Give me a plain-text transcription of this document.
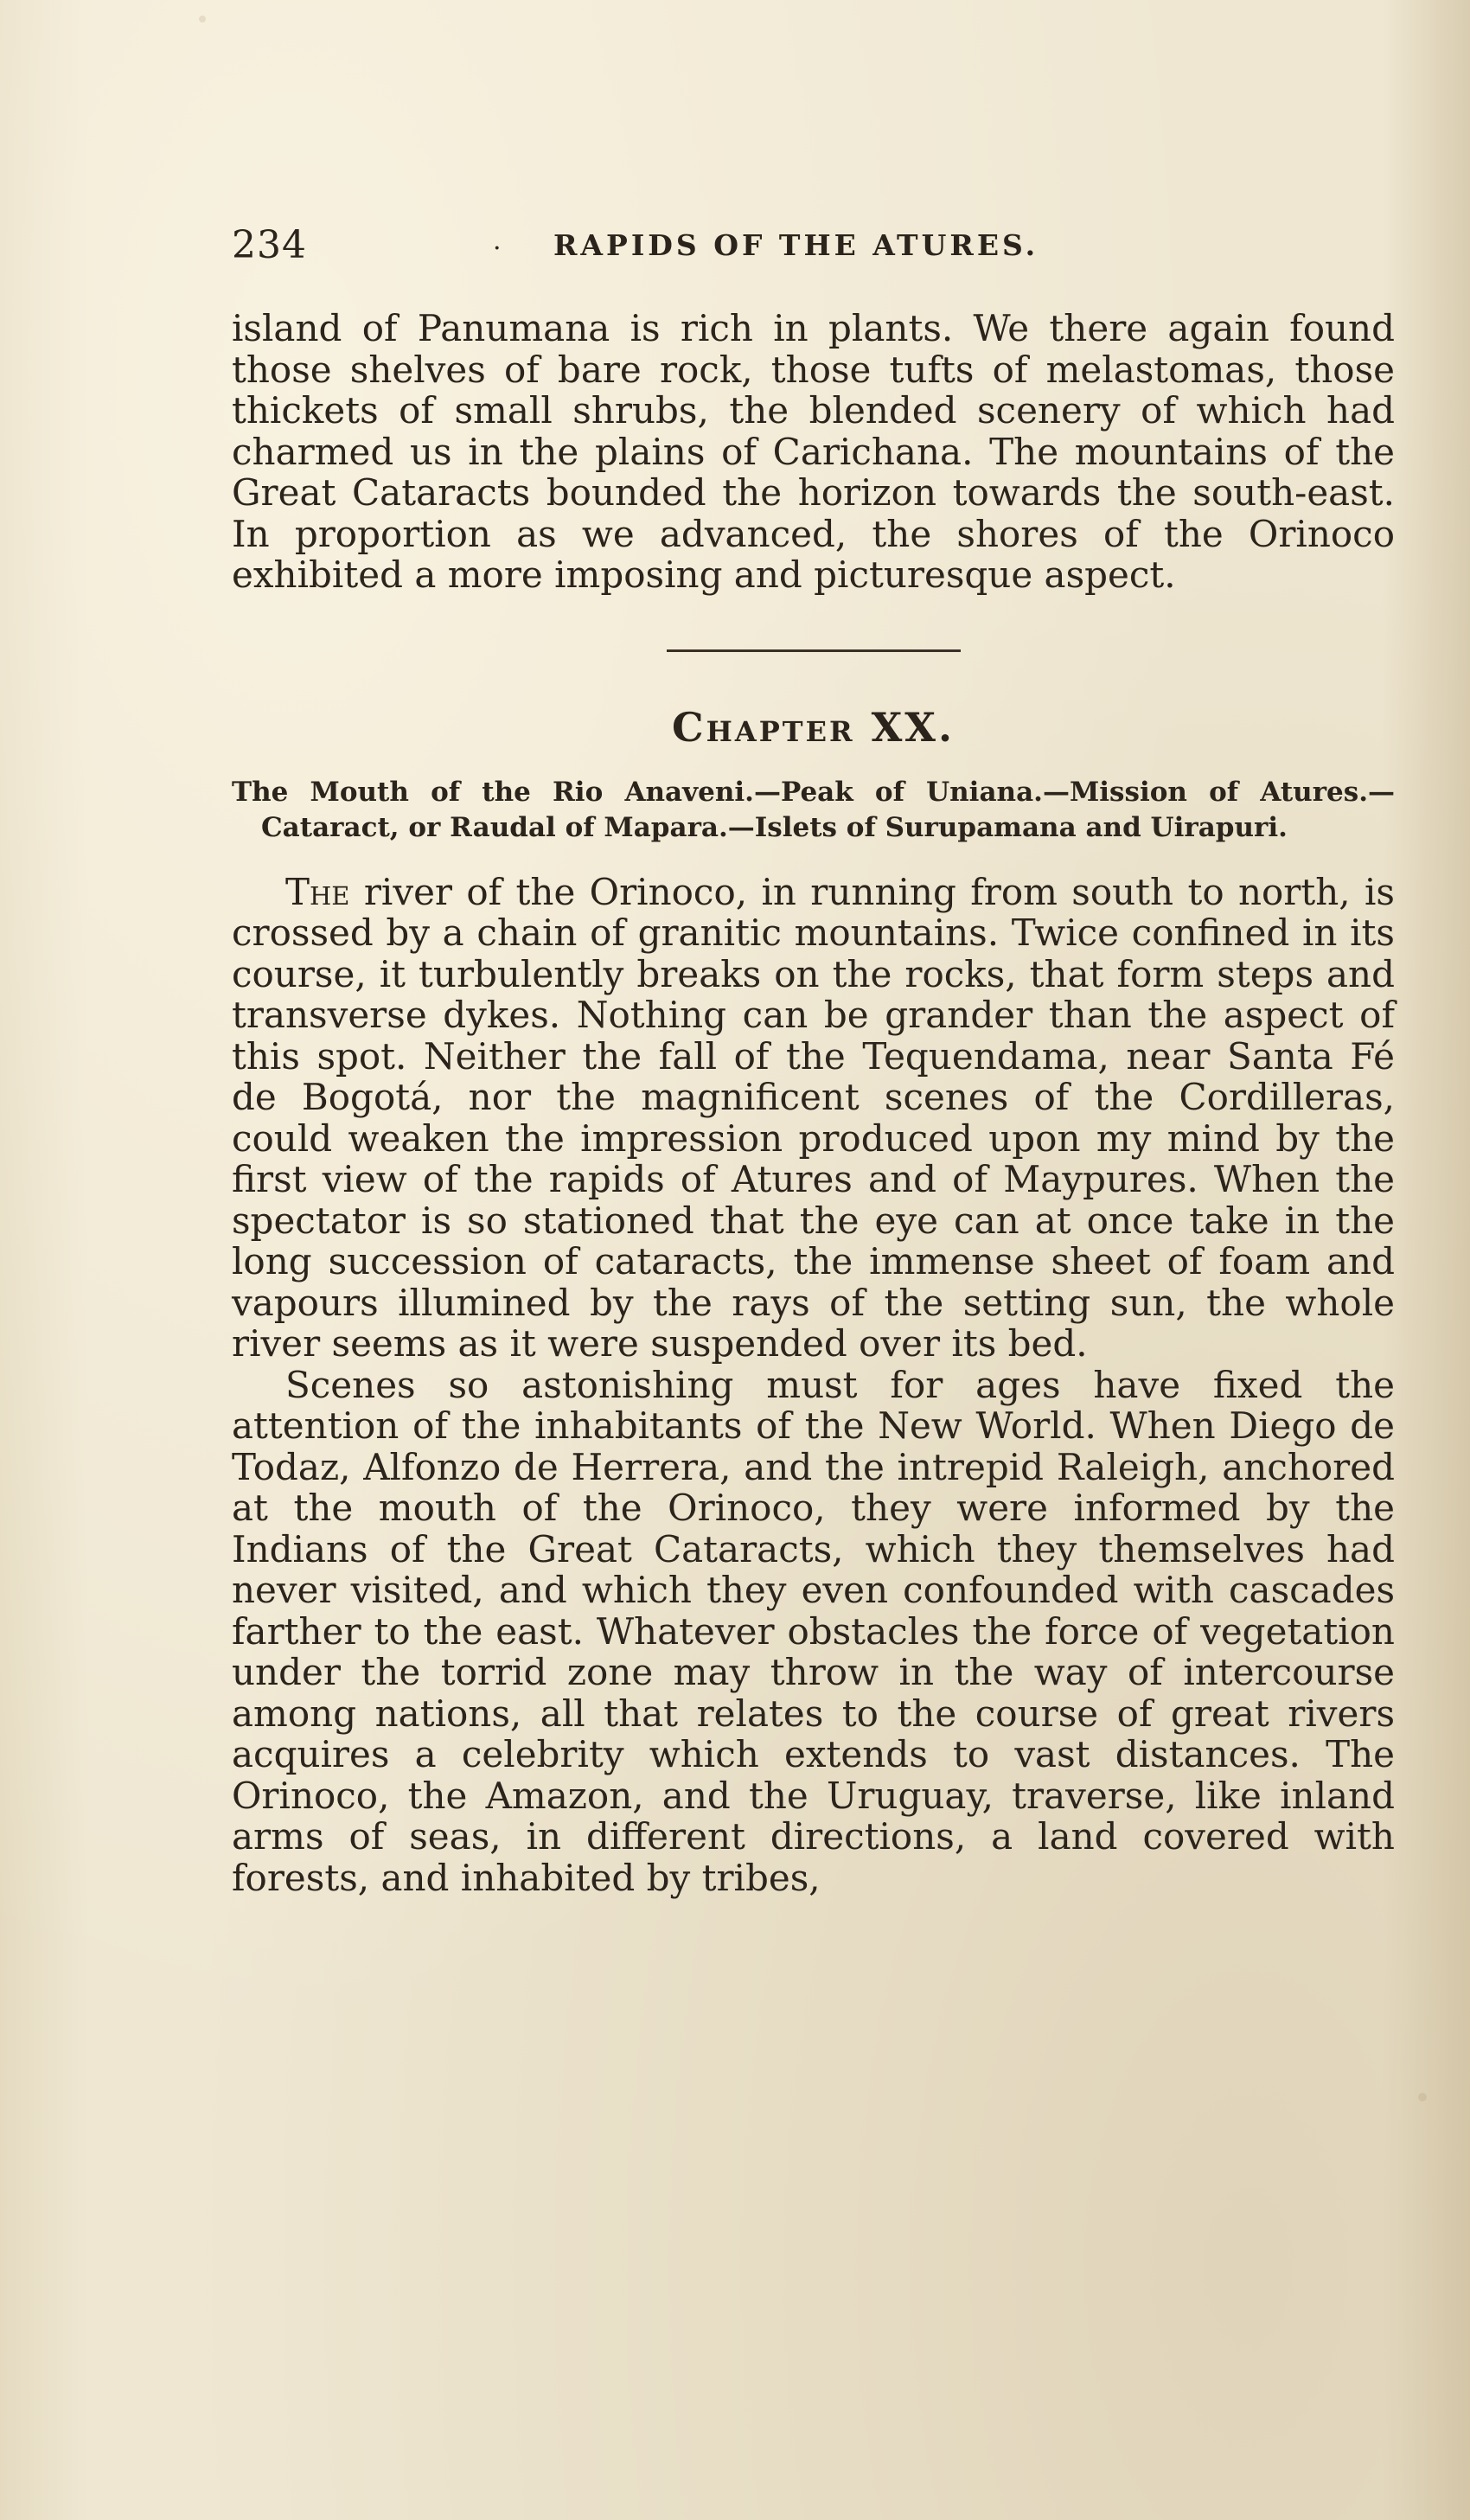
234	· RAPIDS OF THE ATURES.

island of Panumana is rich in plants. We there again found those shelves of bare rock, those tufts of melastomas, those thickets of small shrubs, the blended scenery of which had charmed us in the plains of Carichana. The mountains of the Great Cataracts bounded the horizon towards the south-east. In proportion as we advanced, the shores of the Orinoco exhibited a more imposing and picturesque aspect.

Chapter XX.

The Mouth of the Rio Anaveni.—Peak of Uniana.—Mission of Atures.—Cataract, or Raudal of Mapara.—Islets of Surupamana and Uirapuri.

The river of the Orinoco, in running from south to north, is crossed by a chain of granitic mountains. Twice confined in its course, it turbulently breaks on the rocks, that form steps and transverse dykes. Nothing can be grander than the aspect of this spot. Neither the fall of the Tequendama, near Santa Fé de Bogotá, nor the magnificent scenes of the Cordilleras, could weaken the impression produced upon my mind by the first view of the rapids of Atures and of Maypures. When the spectator is so stationed that the eye can at once take in the long succession of cataracts, the immense sheet of foam and vapours illumined by the rays of the setting sun, the whole river seems as it were suspended over its bed.

Scenes so astonishing must for ages have fixed the attention of the inhabitants of the New World. When Diego de Todaz, Alfonzo de Herrera, and the intrepid Raleigh, anchored at the mouth of the Orinoco, they were informed by the Indians of the Great Cataracts, which they themselves had never visited, and which they even confounded with cascades farther to the east. Whatever obstacles the force of vegetation under the torrid zone may throw in the way of intercourse among nations, all that relates to the course of great rivers acquires a celebrity which extends to vast distances. The Orinoco, the Amazon, and the Uruguay, traverse, like inland arms of seas, in different directions, a land covered with forests, and inhabited by tribes,
